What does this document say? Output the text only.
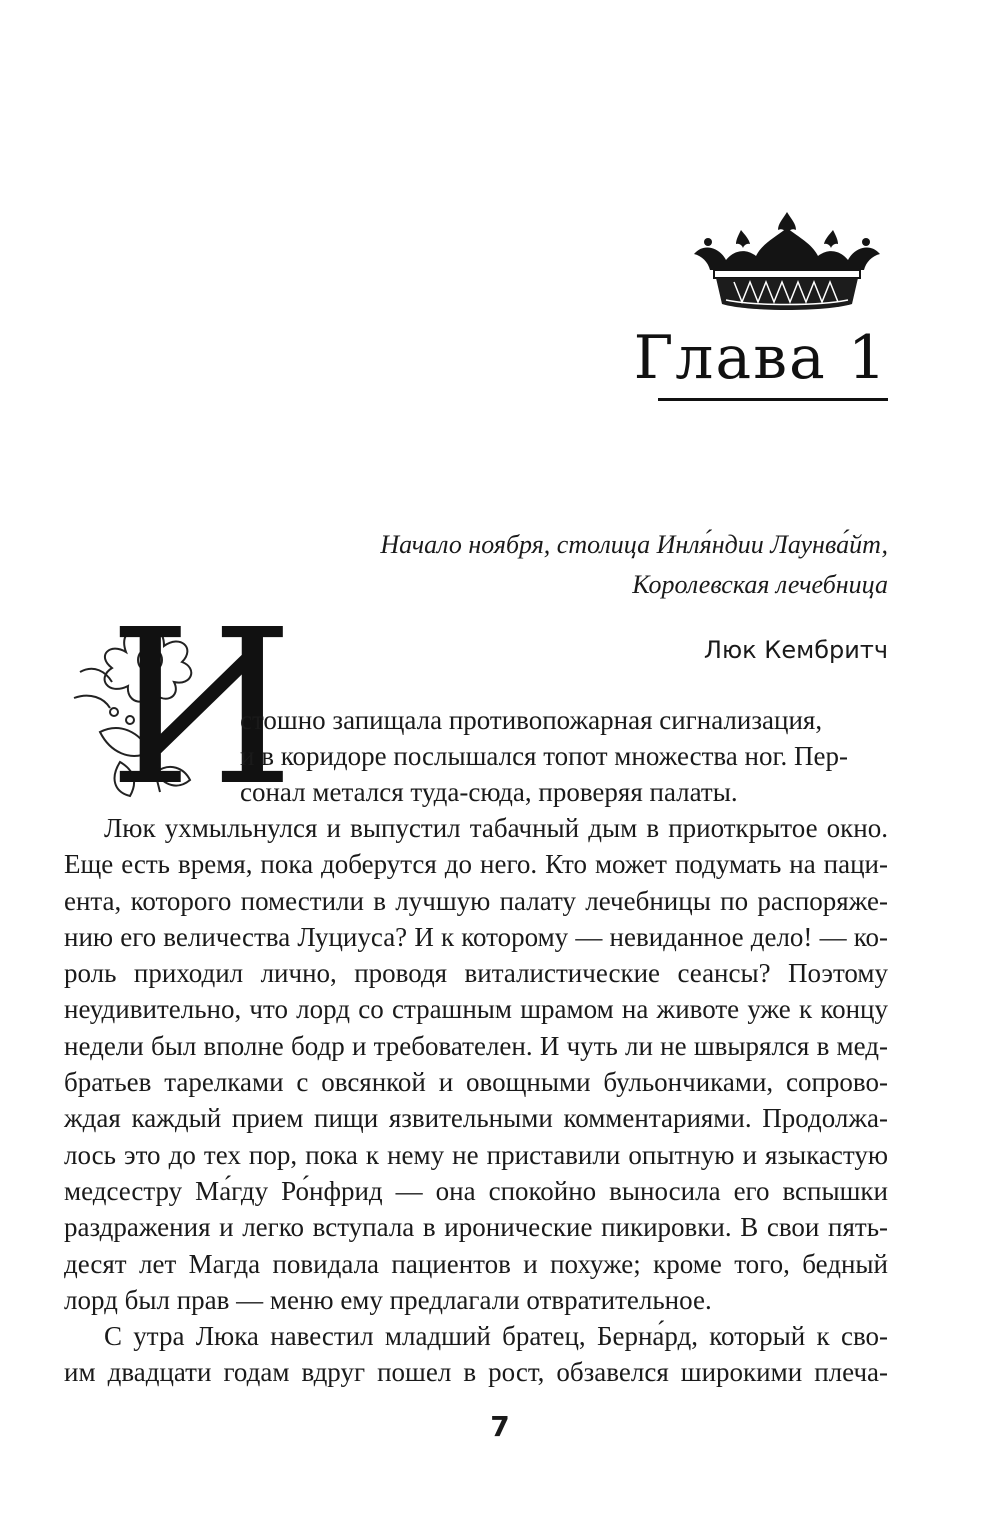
Глава 1
Начало ноября, столица Инля́ндии Лаунва́йт,
Королевская лечебница
Люк Кембритч
И
стошно запищала противопожарная сигнализация,
и в коридоре послышался топот множества ног. Пер-
сонал метался туда-сюда, проверяя палаты.

Люк ухмыльнулся и выпустил табачный дым в приоткрытое окно.
Еще есть время, пока доберутся до него. Кто может подумать на паци-
ента, которого поместили в лучшую палату лечебницы по распоряже-
нию его величества Луциуса? И к которому — невиданное дело! — ко-
роль приходил лично, проводя виталистические сеансы? Поэтому
неудивительно, что лорд со страшным шрамом на животе уже к концу
недели был вполне бодр и требователен. И чуть ли не швырялся в мед-
братьев тарелками с овсянкой и овощными бульончиками, сопрово-
ждая каждый прием пищи язвительными комментариями. Продолжа-
лось это до тех пор, пока к нему не приставили опытную и языкастую
медсестру Ма́гду Ро́нфрид — она спокойно выносила его вспышки
раздражения и легко вступала в иронические пикировки. В свои пять-
десят лет Магда повидала пациентов и похуже; кроме того, бедный
лорд был прав — меню ему предлагали отвратительное.

С утра Люка навестил младший братец, Берна́рд, который к сво-
им двадцати годам вдруг пошел в рост, обзавелся широкими плеча-

7
